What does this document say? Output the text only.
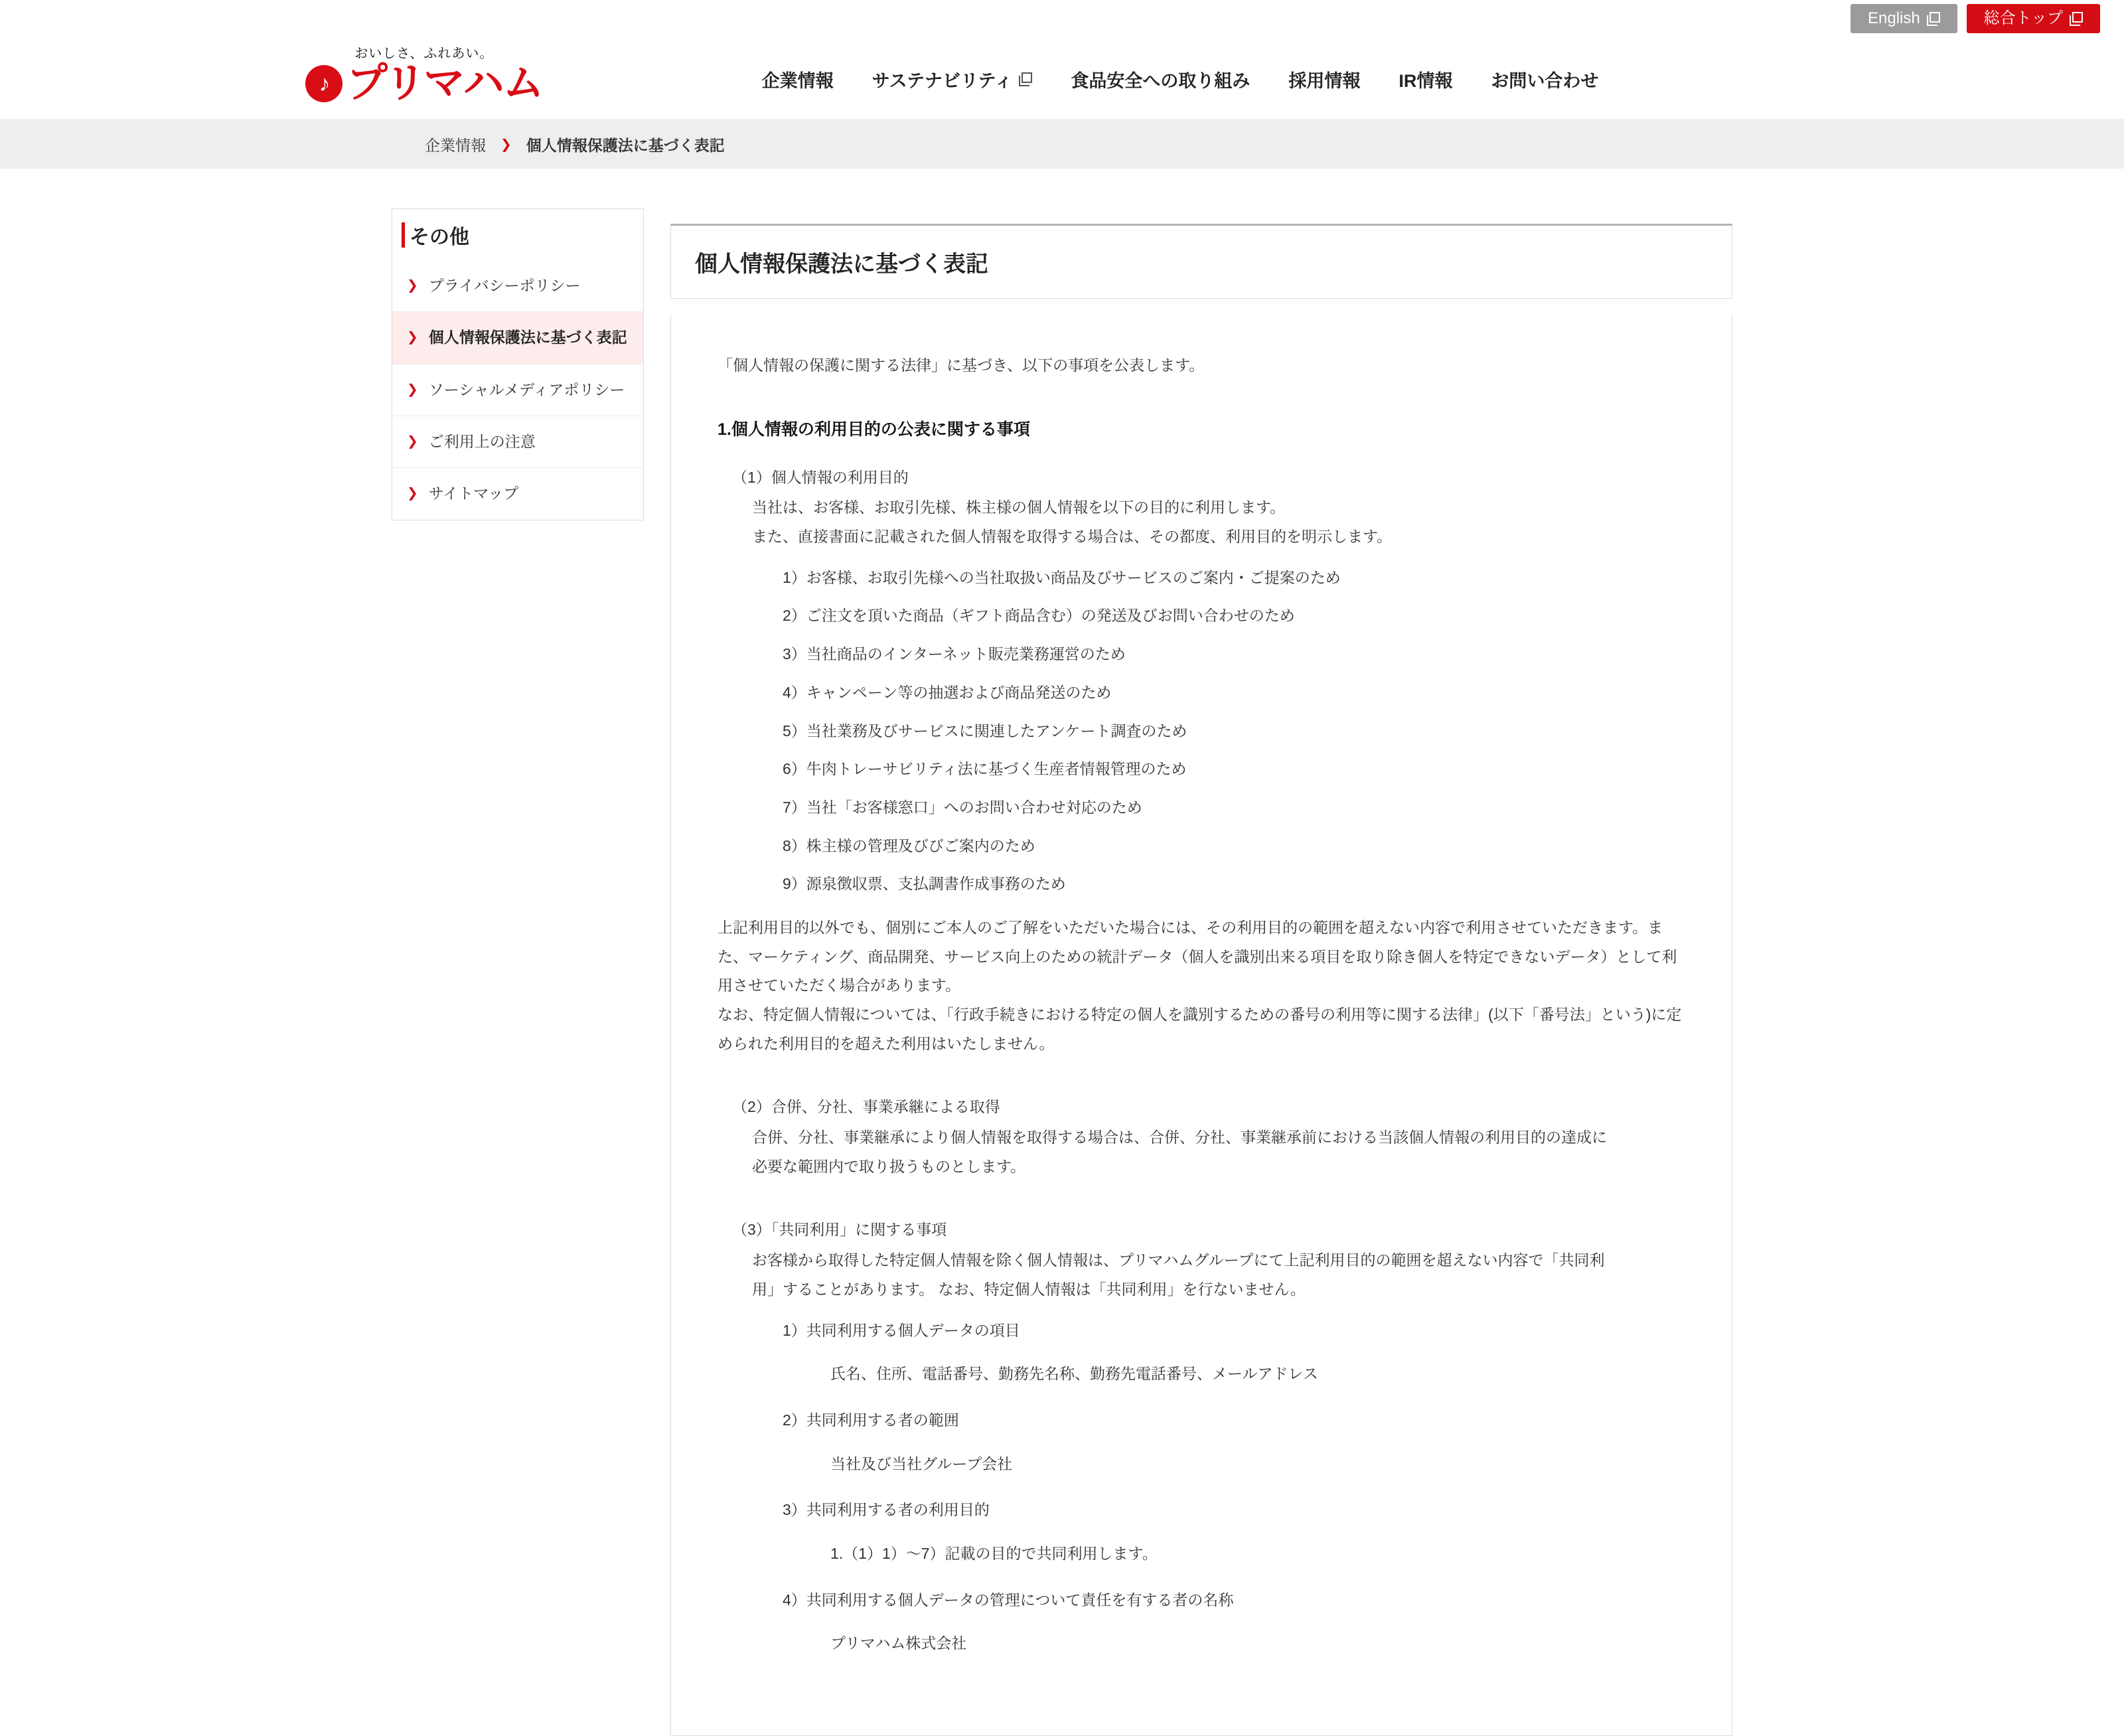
English	総合トップ
おいしさ、ふれあい。
♪ プリマハム	企業情報 サステナビリティ	食品安全への取り組み 採用情報 IR情報 お問い合わせ
企業情報 ❯ 個人情報保護法に基づく表記
その他
❯ プライバシーポリシー
❯ 個人情報保護法に基づく表記
❯ ソーシャルメディアポリシー
❯ ご利用上の注意
❯ サイトマップ
個人情報保護法に基づく表記

「個人情報の保護に関する法律」に基づき、以下の事項を公表します。

1.個人情報の利用目的の公表に関する事項

（1）個人情報の利用目的

当社は、お客様、お取引先様、株主様の個人情報を以下の目的に利用します。

また、直接書面に記載された個人情報を取得する場合は、その都度、利用目的を明示します。

1）お客様、お取引先様への当社取扱い商品及びサービスのご案内・ご提案のため
2）ご注文を頂いた商品（ギフト商品含む）の発送及びお問い合わせのため
3）当社商品のインターネット販売業務運営のため
4）キャンペーン等の抽選および商品発送のため
5）当社業務及びサービスに関連したアンケート調査のため
6）牛肉トレーサビリティ法に基づく生産者情報管理のため
7）当社「お客様窓口」へのお問い合わせ対応のため
8）株主様の管理及びびご案内のため
9）源泉徴収票、支払調書作成事務のため

上記利用目的以外でも、個別にご本人のご了解をいただいた場合には、その利用目的の範囲を超えない内容で利用させていただきます。また、マーケティング、商品開発、サービス向上のための統計データ（個人を識別出来る項目を取り除き個人を特定できないデータ）として利用させていただく場合があります。

なお、特定個人情報については、「行政手続きにおける特定の個人を識別するための番号の利用等に関する法律」(以下「番号法」という)に定められた利用目的を超えた利用はいたしません。

（2）合併、分社、事業承継による取得

合併、分社、事業継承により個人情報を取得する場合は、合併、分社、事業継承前における当該個人情報の利用目的の達成に

必要な範囲内で取り扱うものとします。

（3）「共同利用」に関する事項

お客様から取得した特定個人情報を除く個人情報は、プリマハムグループにて上記利用目的の範囲を超えない内容で「共同利

用」することがあります。 なお、特定個人情報は「共同利用」を行ないません。

1）共同利用する個人データの項目

氏名、住所、電話番号、勤務先名称、勤務先電話番号、メールアドレス

2）共同利用する者の範囲

当社及び当社グループ会社

3）共同利用する者の利用目的

1.（1）1）〜7）記載の目的で共同利用します。

4）共同利用する個人データの管理について責任を有する者の名称

プリマハム株式会社
